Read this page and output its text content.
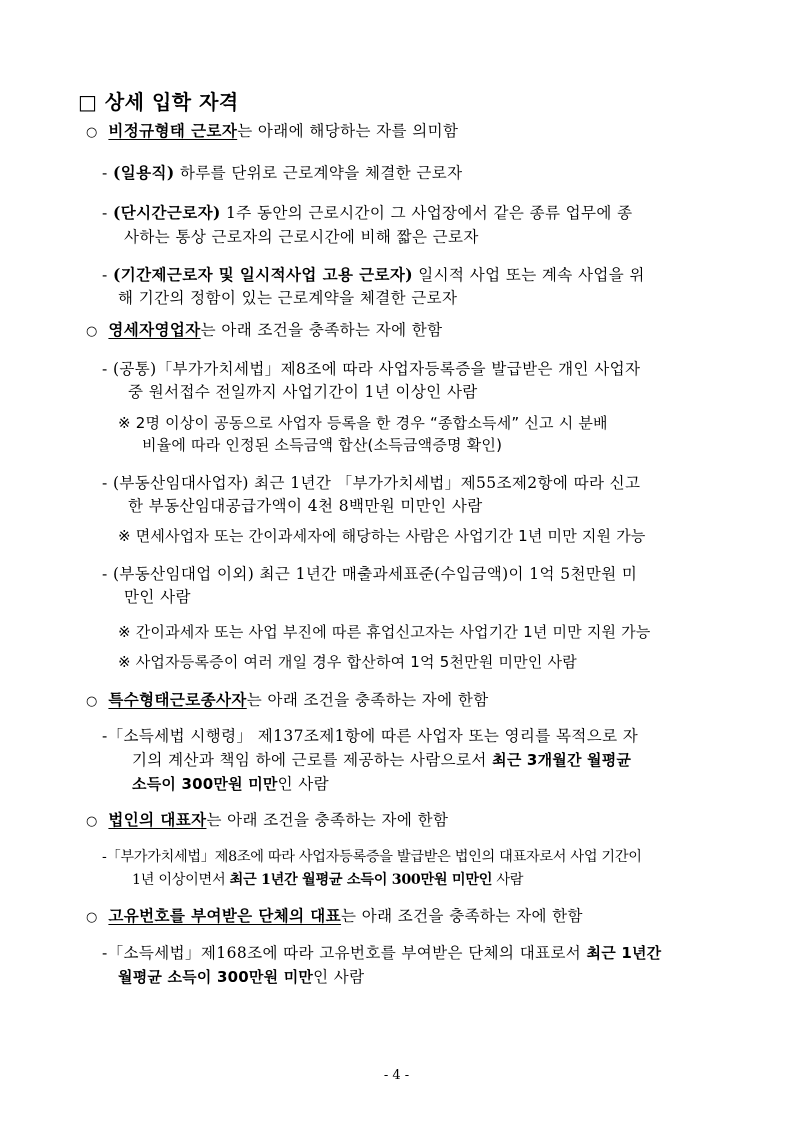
□ 상세 입학 자격
○ 비정규형태 근로자는 아래에 해당하는 자를 의미함
- (일용직) 하루를 단위로 근로계약을 체결한 근로자
- (단시간근로자) 1주 동안의 근로시간이 그 사업장에서 같은 종류 업무에 종
사하는 통상 근로자의 근로시간에 비해 짧은 근로자
- (기간제근로자 및 일시적사업 고용 근로자) 일시적 사업 또는 계속 사업을 위
해 기간의 정함이 있는 근로계약을 체결한 근로자
○ 영세자영업자는 아래 조건을 충족하는 자에 한함
- (공통)「부가가치세법」제8조에 따라 사업자등록증을 발급받은 개인 사업자
중 원서접수 전일까지 사업기간이 1년 이상인 사람
※ 2명 이상이 공동으로 사업자 등록을 한 경우 “종합소득세” 신고 시 분배
비율에 따라 인정된 소득금액 합산(소득금액증명 확인)
- (부동산임대사업자) 최근 1년간 「부가가치세법」제55조제2항에 따라 신고
한 부동산임대공급가액이 4천 8백만원 미만인 사람
※ 면세사업자 또는 간이과세자에 해당하는 사람은 사업기간 1년 미만 지원 가능
- (부동산임대업 이외) 최근 1년간 매출과세표준(수입금액)이 1억 5천만원 미
만인 사람
※ 간이과세자 또는 사업 부진에 따른 휴업신고자는 사업기간 1년 미만 지원 가능
※ 사업자등록증이 여러 개일 경우 합산하여 1억 5천만원 미만인 사람
○ 특수형태근로종사자는 아래 조건을 충족하는 자에 한함
-「소득세법 시행령」 제137조제1항에 따른 사업자 또는 영리를 목적으로 자
기의 계산과 책임 하에 근로를 제공하는 사람으로서 최근 3개월간 월평균
소득이 300만원 미만인 사람
○ 법인의 대표자는 아래 조건을 충족하는 자에 한함
-「부가가치세법」제8조에 따라 사업자등록증을 발급받은 법인의 대표자로서 사업 기간이
1년 이상이면서 최근 1년간 월평균 소득이 300만원 미만인 사람
○ 고유번호를 부여받은 단체의 대표는 아래 조건을 충족하는 자에 한함
-「소득세법」제168조에 따라 고유번호를 부여받은 단체의 대표로서 최근 1년간
월평균 소득이 300만원 미만인 사람
- 4 -
